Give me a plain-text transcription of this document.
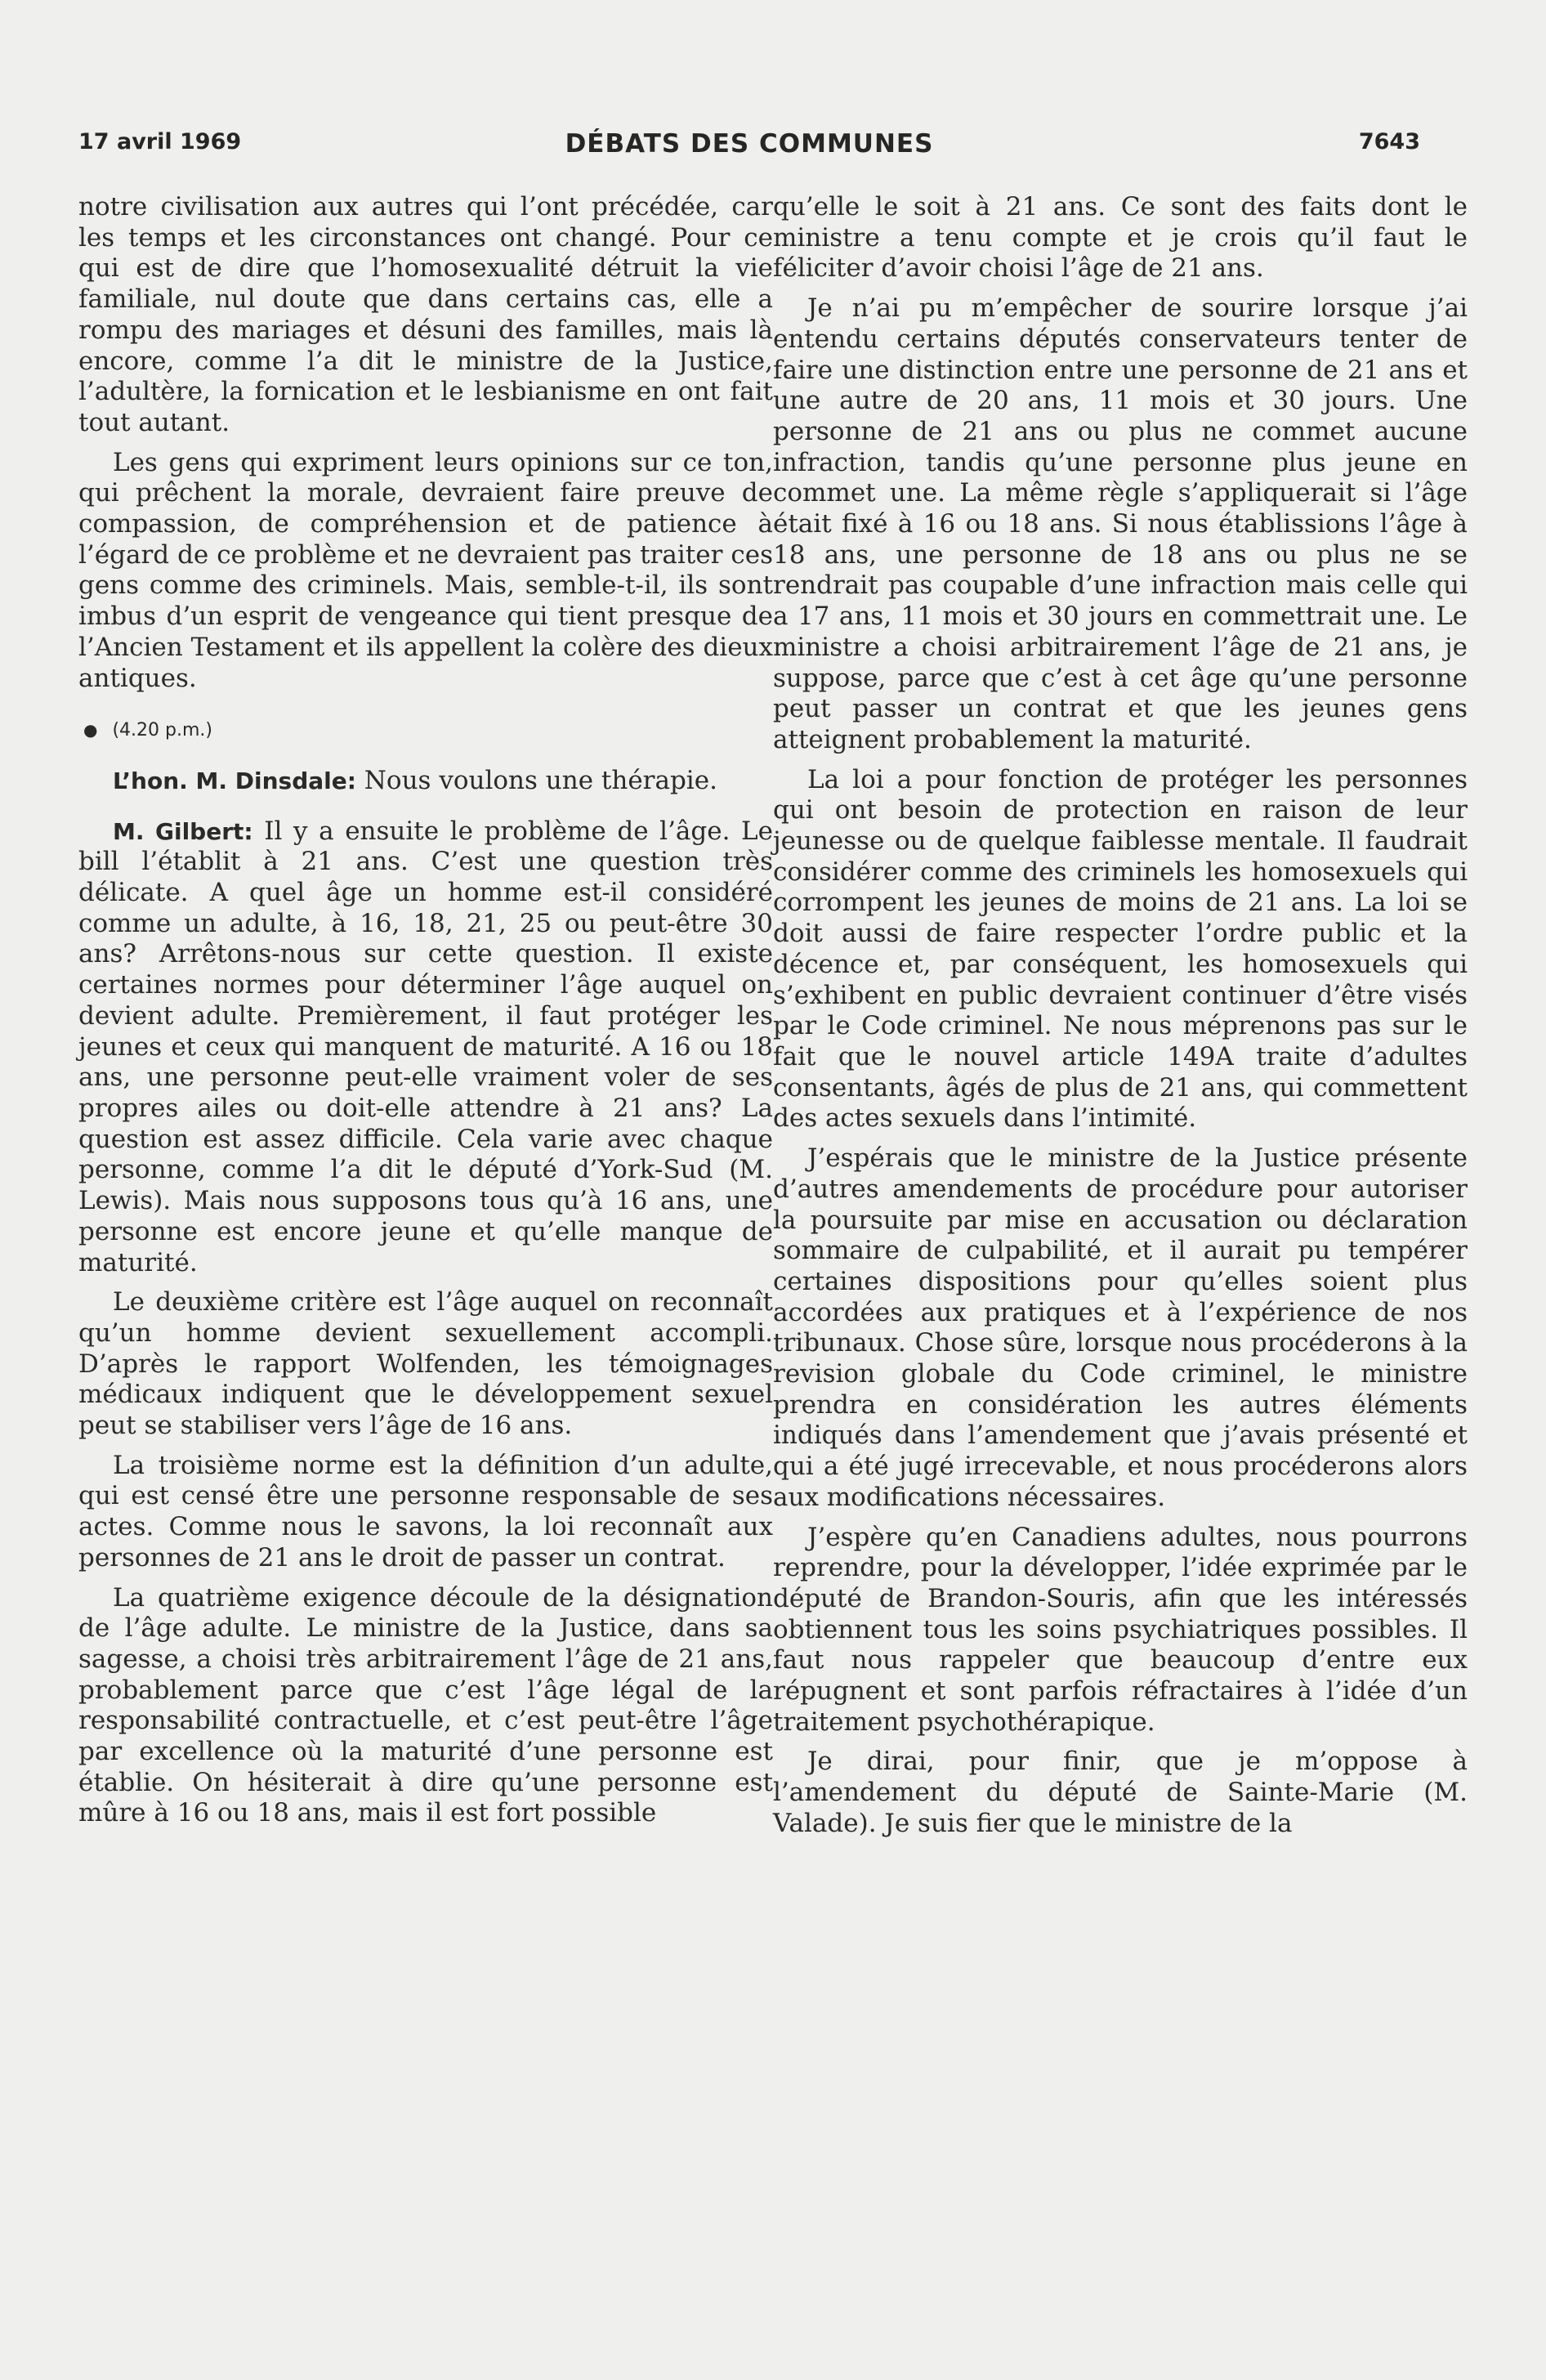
17 avril 1969	DÉBATS DES COMMUNES	7643

notre civilisation aux autres qui l’ont précédée, car les temps et les circonstances ont changé. Pour ce qui est de dire que l’homosexualité détruit la vie familiale, nul doute que dans certains cas, elle a rompu des mariages et désuni des familles, mais là encore, comme l’a dit le ministre de la Justice, l’adultère, la fornication et le lesbianisme en ont fait tout autant.

Les gens qui expriment leurs opinions sur ce ton, qui prêchent la morale, devraient faire preuve de compassion, de compréhension et de patience à l’égard de ce problème et ne devraient pas traiter ces gens comme des criminels. Mais, semble-t-il, ils sont imbus d’un esprit de vengeance qui tient presque de l’Ancien Testament et ils appellent la colère des dieux antiques.

● (4.20 p.m.)

L’hon. M. Dinsdale: Nous voulons une thérapie.

M. Gilbert: Il y a ensuite le problème de l’âge. Le bill l’établit à 21 ans. C’est une question très délicate. A quel âge un homme est-il considéré comme un adulte, à 16, 18, 21, 25 ou peut-être 30 ans? Arrêtons-nous sur cette question. Il existe certaines normes pour déterminer l’âge auquel on devient adulte. Premièrement, il faut protéger les jeunes et ceux qui manquent de maturité. A 16 ou 18 ans, une personne peut-elle vraiment voler de ses propres ailes ou doit-elle attendre à 21 ans? La question est assez difficile. Cela varie avec chaque personne, comme l’a dit le député d’York-Sud (M. Lewis). Mais nous supposons tous qu’à 16 ans, une personne est encore jeune et qu’elle manque de maturité.

Le deuxième critère est l’âge auquel on reconnaît qu’un homme devient sexuellement accompli. D’après le rapport Wolfenden, les témoignages médicaux indiquent que le développement sexuel peut se stabiliser vers l’âge de 16 ans.

La troisième norme est la définition d’un adulte, qui est censé être une personne responsable de ses actes. Comme nous le savons, la loi reconnaît aux personnes de 21 ans le droit de passer un contrat.

La quatrième exigence découle de la désignation de l’âge adulte. Le ministre de la Justice, dans sa sagesse, a choisi très arbitrairement l’âge de 21 ans, probablement parce que c’est l’âge légal de la responsabilité contractuelle, et c’est peut-être l’âge par excellence où la maturité d’une personne est établie. On hésiterait à dire qu’une personne est mûre à 16 ou 18 ans, mais il est fort possible

qu’elle le soit à 21 ans. Ce sont des faits dont le ministre a tenu compte et je crois qu’il faut le féliciter d’avoir choisi l’âge de 21 ans.

Je n’ai pu m’empêcher de sourire lorsque j’ai entendu certains députés conservateurs tenter de faire une distinction entre une personne de 21 ans et une autre de 20 ans, 11 mois et 30 jours. Une personne de 21 ans ou plus ne commet aucune infraction, tandis qu’une personne plus jeune en commet une. La même règle s’appliquerait si l’âge était fixé à 16 ou 18 ans. Si nous établissions l’âge à 18 ans, une personne de 18 ans ou plus ne se rendrait pas coupable d’une infraction mais celle qui a 17 ans, 11 mois et 30 jours en commettrait une. Le ministre a choisi arbitrairement l’âge de 21 ans, je suppose, parce que c’est à cet âge qu’une personne peut passer un contrat et que les jeunes gens atteignent probablement la maturité.

La loi a pour fonction de protéger les personnes qui ont besoin de protection en raison de leur jeunesse ou de quelque faiblesse mentale. Il faudrait considérer comme des criminels les homosexuels qui corrompent les jeunes de moins de 21 ans. La loi se doit aussi de faire respecter l’ordre public et la décence et, par conséquent, les homosexuels qui s’exhibent en public devraient continuer d’être visés par le Code criminel. Ne nous méprenons pas sur le fait que le nouvel article 149A traite d’adultes consentants, âgés de plus de 21 ans, qui commettent des actes sexuels dans l’intimité.

J’espérais que le ministre de la Justice présente d’autres amendements de procédure pour autoriser la poursuite par mise en accusation ou déclaration sommaire de culpabilité, et il aurait pu tempérer certaines dispositions pour qu’elles soient plus accordées aux pratiques et à l’expérience de nos tribunaux. Chose sûre, lorsque nous procéderons à la revision globale du Code criminel, le ministre prendra en considération les autres éléments indiqués dans l’amendement que j’avais présenté et qui a été jugé irrecevable, et nous procéderons alors aux modifications nécessaires.

J’espère qu’en Canadiens adultes, nous pourrons reprendre, pour la développer, l’idée exprimée par le député de Brandon-Souris, afin que les intéressés obtiennent tous les soins psychiatriques possibles. Il faut nous rappeler que beaucoup d’entre eux répugnent et sont parfois réfractaires à l’idée d’un traitement psychothérapique.

Je dirai, pour finir, que je m’oppose à l’amendement du député de Sainte-Marie (M. Valade). Je suis fier que le ministre de la
